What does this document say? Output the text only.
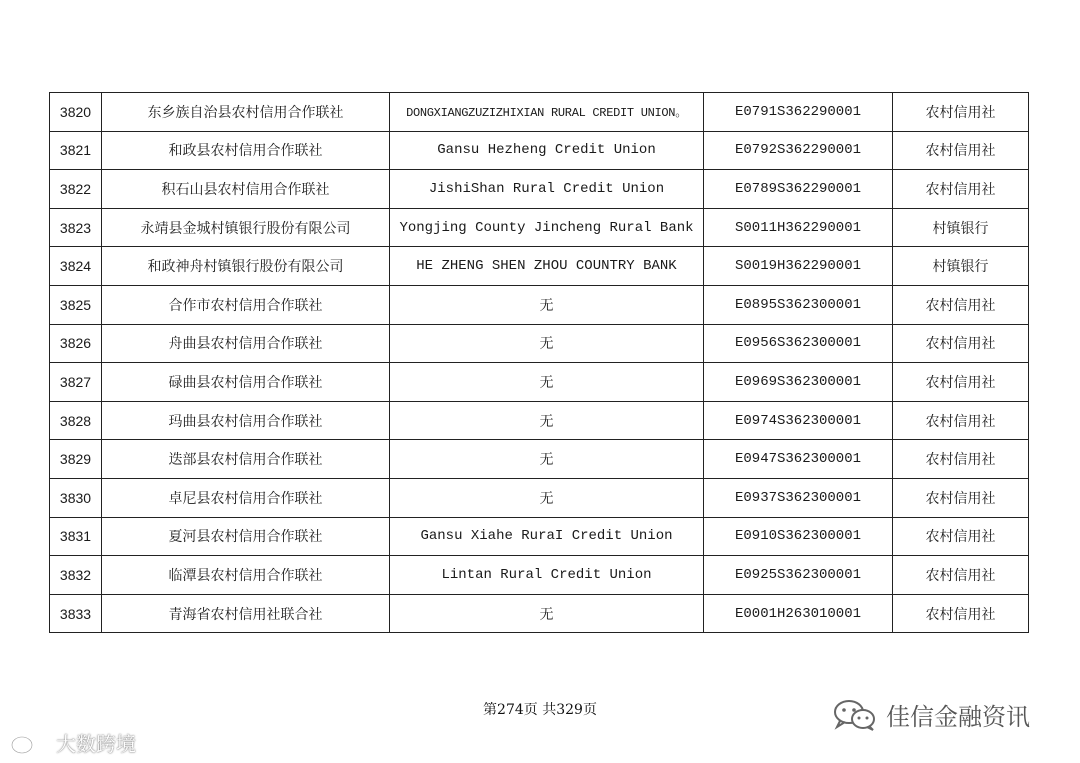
3820	东乡族自治县农村信用合作联社	DONGXIANGZUZIZHIXIAN RURAL CREDIT UNION。	E0791S362290001	农村信用社
3821	和政县农村信用合作联社	Gansu Hezheng Credit Union	E0792S362290001	农村信用社
3822	积石山县农村信用合作联社	JishiShan Rural Credit Union	E0789S362290001	农村信用社
3823	永靖县金城村镇银行股份有限公司	Yongjing County Jincheng Rural Bank	S0011H362290001	村镇银行
3824	和政神舟村镇银行股份有限公司	HE ZHENG SHEN ZHOU COUNTRY BANK	S0019H362290001	村镇银行
3825	合作市农村信用合作联社	无	E0895S362300001	农村信用社
3826	舟曲县农村信用合作联社	无	E0956S362300001	农村信用社
3827	碌曲县农村信用合作联社	无	E0969S362300001	农村信用社
3828	玛曲县农村信用合作联社	无	E0974S362300001	农村信用社
3829	迭部县农村信用合作联社	无	E0947S362300001	农村信用社
3830	卓尼县农村信用合作联社	无	E0937S362300001	农村信用社
3831	夏河县农村信用合作联社	Gansu Xiahe RuraI Credit Union	E0910S362300001	农村信用社
3832	临潭县农村信用合作联社	Lintan Rural Credit Union	E0925S362300001	农村信用社
3833	青海省农村信用社联合社	无	E0001H263010001	农村信用社
第274页 共329页
大数跨境
佳信金融资讯
